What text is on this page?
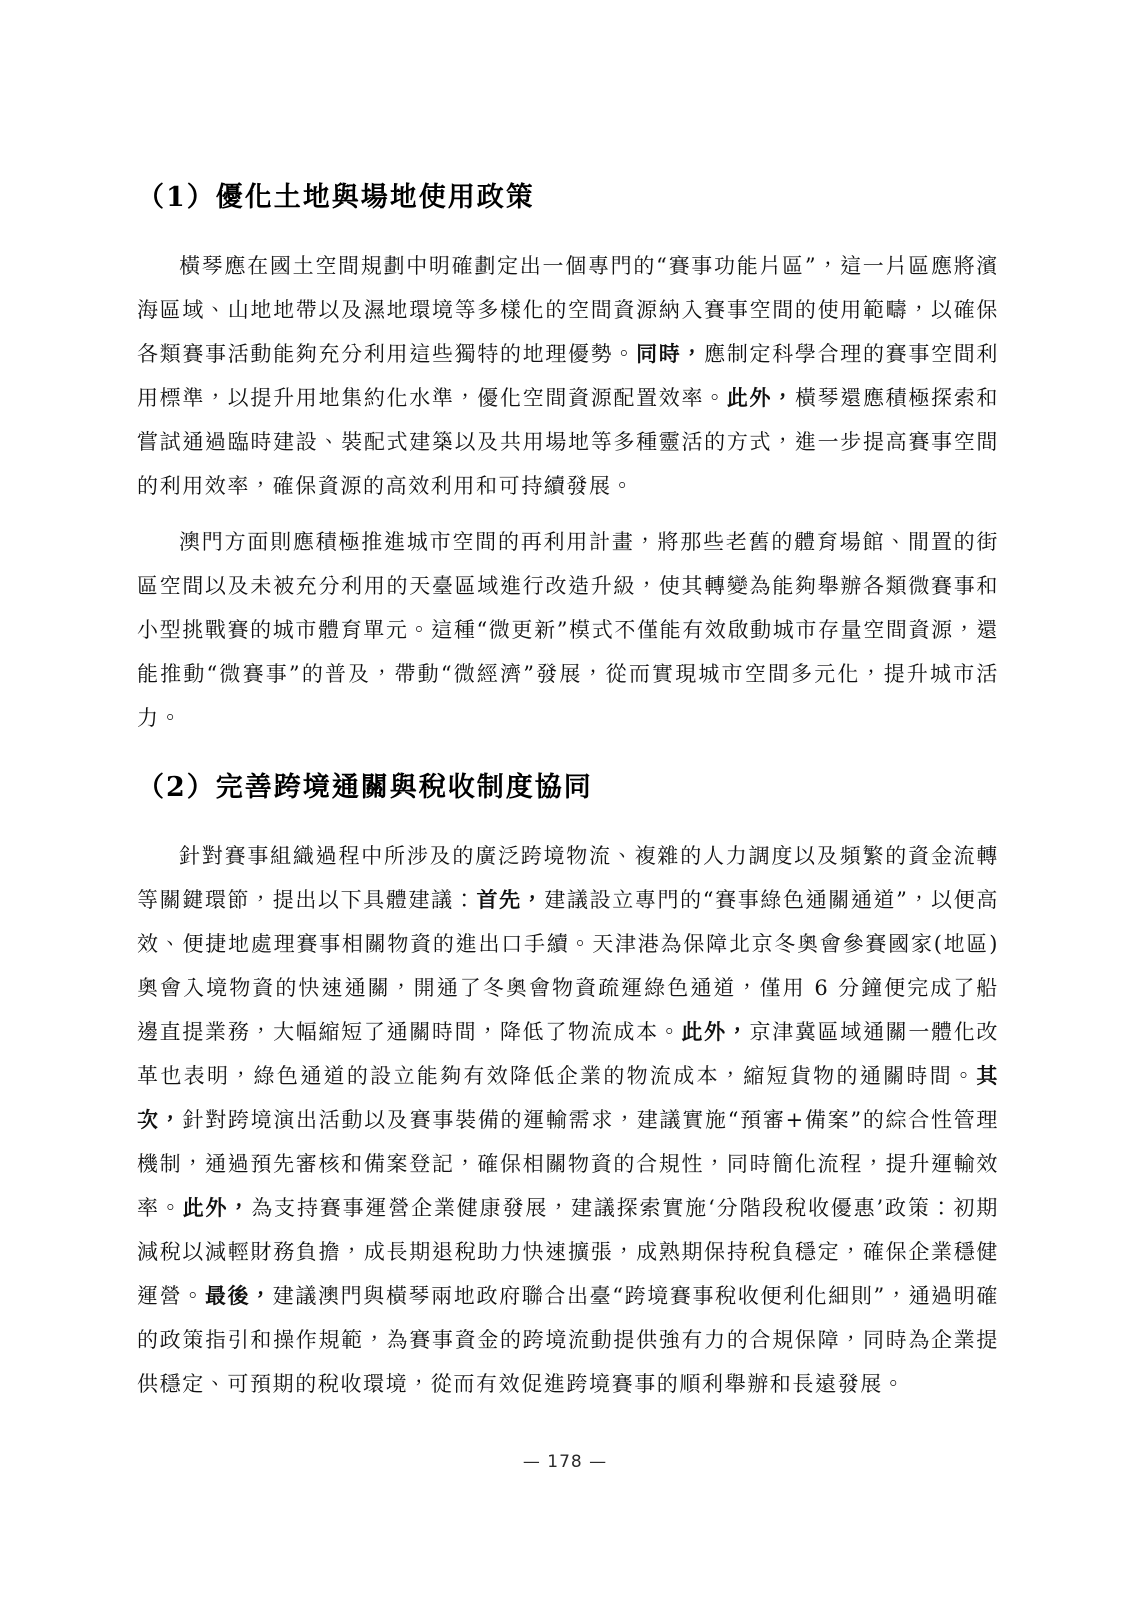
（1）優化土地與場地使用政策

橫琴應在國土空間規劃中明確劃定出一個專門的“賽事功能片區”，這一片區應將濱海區域、山地地帶以及濕地環境等多樣化的空間資源納入賽事空間的使用範疇，以確保各類賽事活動能夠充分利用這些獨特的地理優勢。同時，應制定科學合理的賽事空間利用標準，以提升用地集約化水準，優化空間資源配置效率。此外，橫琴還應積極探索和嘗試通過臨時建設、裝配式建築以及共用場地等多種靈活的方式，進一步提高賽事空間的利用效率，確保資源的高效利用和可持續發展。

澳門方面則應積極推進城市空間的再利用計畫，將那些老舊的體育場館、閒置的街區空間以及未被充分利用的天臺區域進行改造升級，使其轉變為能夠舉辦各類微賽事和小型挑戰賽的城市體育單元。這種“微更新”模式不僅能有效啟動城市存量空間資源，還能推動“微賽事”的普及，帶動“微經濟”發展，從而實現城市空間多元化，提升城市活力。

（2）完善跨境通關與稅收制度協同

針對賽事組織過程中所涉及的廣泛跨境物流、複雜的人力調度以及頻繁的資金流轉等關鍵環節，提出以下具體建議：首先，建議設立專門的“賽事綠色通關通道”，以便高效、便捷地處理賽事相關物資的進出口手續。天津港為保障北京冬奧會參賽國家(地區)奧會入境物資的快速通關，開通了冬奧會物資疏運綠色通道，僅用 6 分鐘便完成了船邊直提業務，大幅縮短了通關時間，降低了物流成本。此外，京津冀區域通關一體化改革也表明，綠色通道的設立能夠有效降低企業的物流成本，縮短貨物的通關時間。其次，針對跨境演出活動以及賽事裝備的運輸需求，建議實施“預審+備案”的綜合性管理機制，通過預先審核和備案登記，確保相關物資的合規性，同時簡化流程，提升運輸效率。此外，為支持賽事運營企業健康發展，建議探索實施‘分階段稅收優惠’政策：初期減稅以減輕財務負擔，成長期退稅助力快速擴張，成熟期保持稅負穩定，確保企業穩健運營。最後，建議澳門與橫琴兩地政府聯合出臺“跨境賽事稅收便利化細則”，通過明確的政策指引和操作規範，為賽事資金的跨境流動提供強有力的合規保障，同時為企業提供穩定、可預期的稅收環境，從而有效促進跨境賽事的順利舉辦和長遠發展。

— 178 —
